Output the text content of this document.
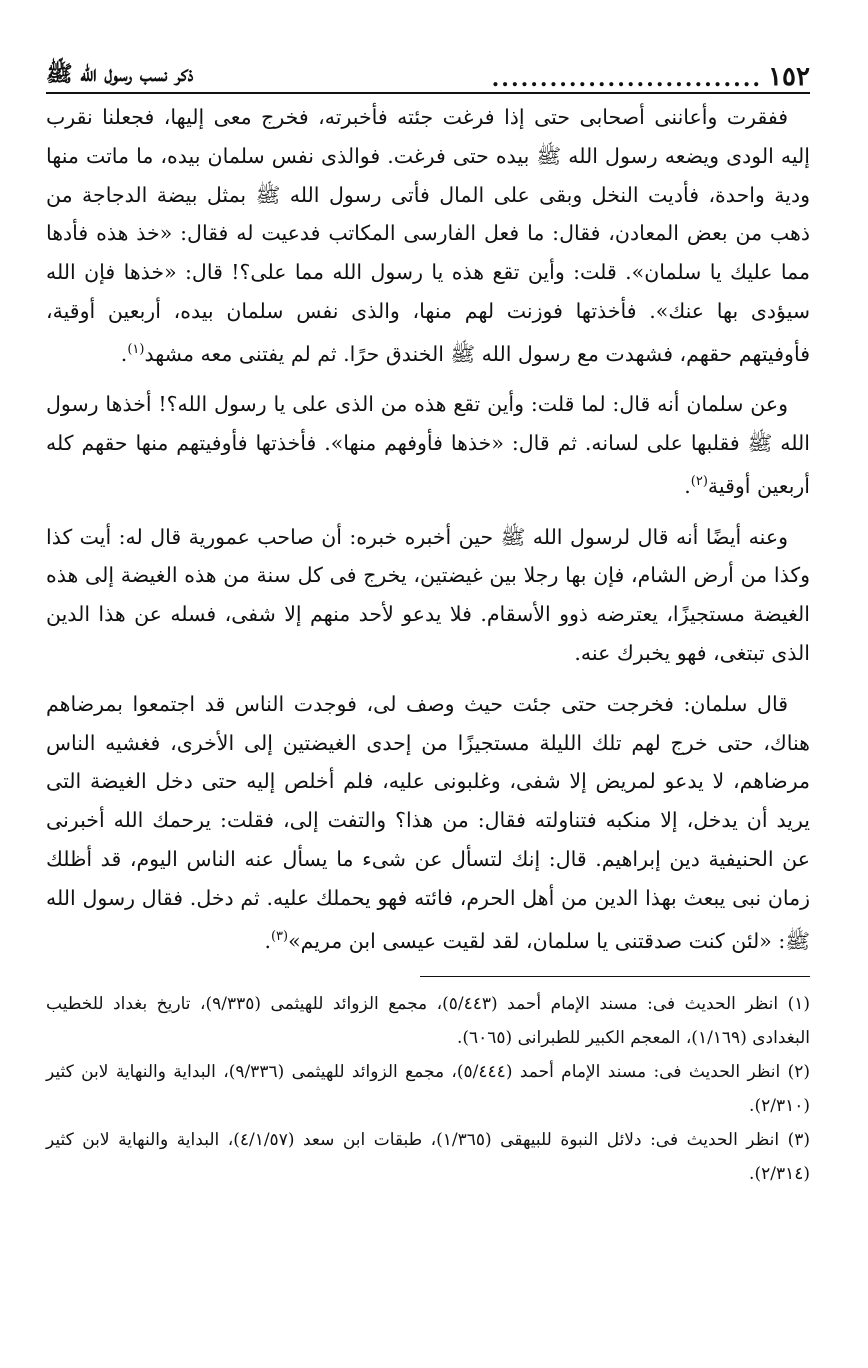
١٥٢
............................
ذكر نسب رسول الله ﷺ

ففقرت وأعاننى أصحابى حتى إذا فرغت جئته فأخبرته، فخرج معى إليها، فجعلنا نقرب إليه الودى ويضعه رسول الله ﷺ بيده حتى فرغت. فوالذى نفس سلمان بيده، ما ماتت منها ودية واحدة، فأديت النخل وبقى على المال فأتى رسول الله ﷺ بمثل بيضة الدجاجة من ذهب من بعض المعادن، فقال: ما فعل الفارسى المكاتب فدعيت له فقال: «خذ هذه فأدها مما عليك يا سلمان». قلت: وأين تقع هذه يا رسول الله مما على؟! قال: «خذها فإن الله سيؤدى بها عنك». فأخذتها فوزنت لهم منها، والذى نفس سلمان بيده، أربعين أوقية، فأوفيتهم حقهم، فشهدت مع رسول الله ﷺ الخندق حرًا. ثم لم يفتنى معه مشهد$^{(١)}$.

وعن سلمان أنه قال: لما قلت: وأين تقع هذه من الذى على يا رسول الله؟! أخذها رسول الله ﷺ فقلبها على لسانه. ثم قال: «خذها فأوفهم منها». فأخذتها فأوفيتهم منها حقهم كله أربعين أوقية$^{(٢)}$.

وعنه أيضًا أنه قال لرسول الله ﷺ حين أخبره خبره: أن صاحب عمورية قال له: أيت كذا وكذا من أرض الشام، فإن بها رجلا بين غيضتين، يخرج فى كل سنة من هذه الغيضة إلى هذه الغيضة مستجيزًا، يعترضه ذوو الأسقام. فلا يدعو لأحد منهم إلا شفى، فسله عن هذا الدين الذى تبتغى، فهو يخبرك عنه.

قال سلمان: فخرجت حتى جئت حيث وصف لى، فوجدت الناس قد اجتمعوا بمرضاهم هناك، حتى خرج لهم تلك الليلة مستجيزًا من إحدى الغيضتين إلى الأخرى، فغشيه الناس مرضاهم، لا يدعو لمريض إلا شفى، وغلبونى عليه، فلم أخلص إليه حتى دخل الغيضة التى يريد أن يدخل، إلا منكبه فتناولته فقال: من هذا؟ والتفت إلى، فقلت: يرحمك الله أخبرنى عن الحنيفية دين إبراهيم. قال: إنك لتسأل عن شىء ما يسأل عنه الناس اليوم، قد أظلك زمان نبى يبعث بهذا الدين من أهل الحرم، فائته فهو يحملك عليه. ثم دخل. فقال رسول الله ﷺ: «لئن كنت صدقتنى يا سلمان، لقد لقيت عيسى ابن مريم»$^{(٣)}$.

(١) انظر الحديث فى: مسند الإمام أحمد (٥/٤٤٣)، مجمع الزوائد للهيثمى (٩/٣٣٥)، تاريخ بغداد للخطيب البغدادى (١/١٦٩)، المعجم الكبير للطبرانى (٦٠٦٥).

(٢) انظر الحديث فى: مسند الإمام أحمد (٥/٤٤٤)، مجمع الزوائد للهيثمى (٩/٣٣٦)، البداية والنهاية لابن كثير (٢/٣١٠).

(٣) انظر الحديث فى: دلائل النبوة للبيهقى (١/٣٦٥)، طبقات ابن سعد (٤/١/٥٧)، البداية والنهاية لابن كثير (٢/٣١٤).
